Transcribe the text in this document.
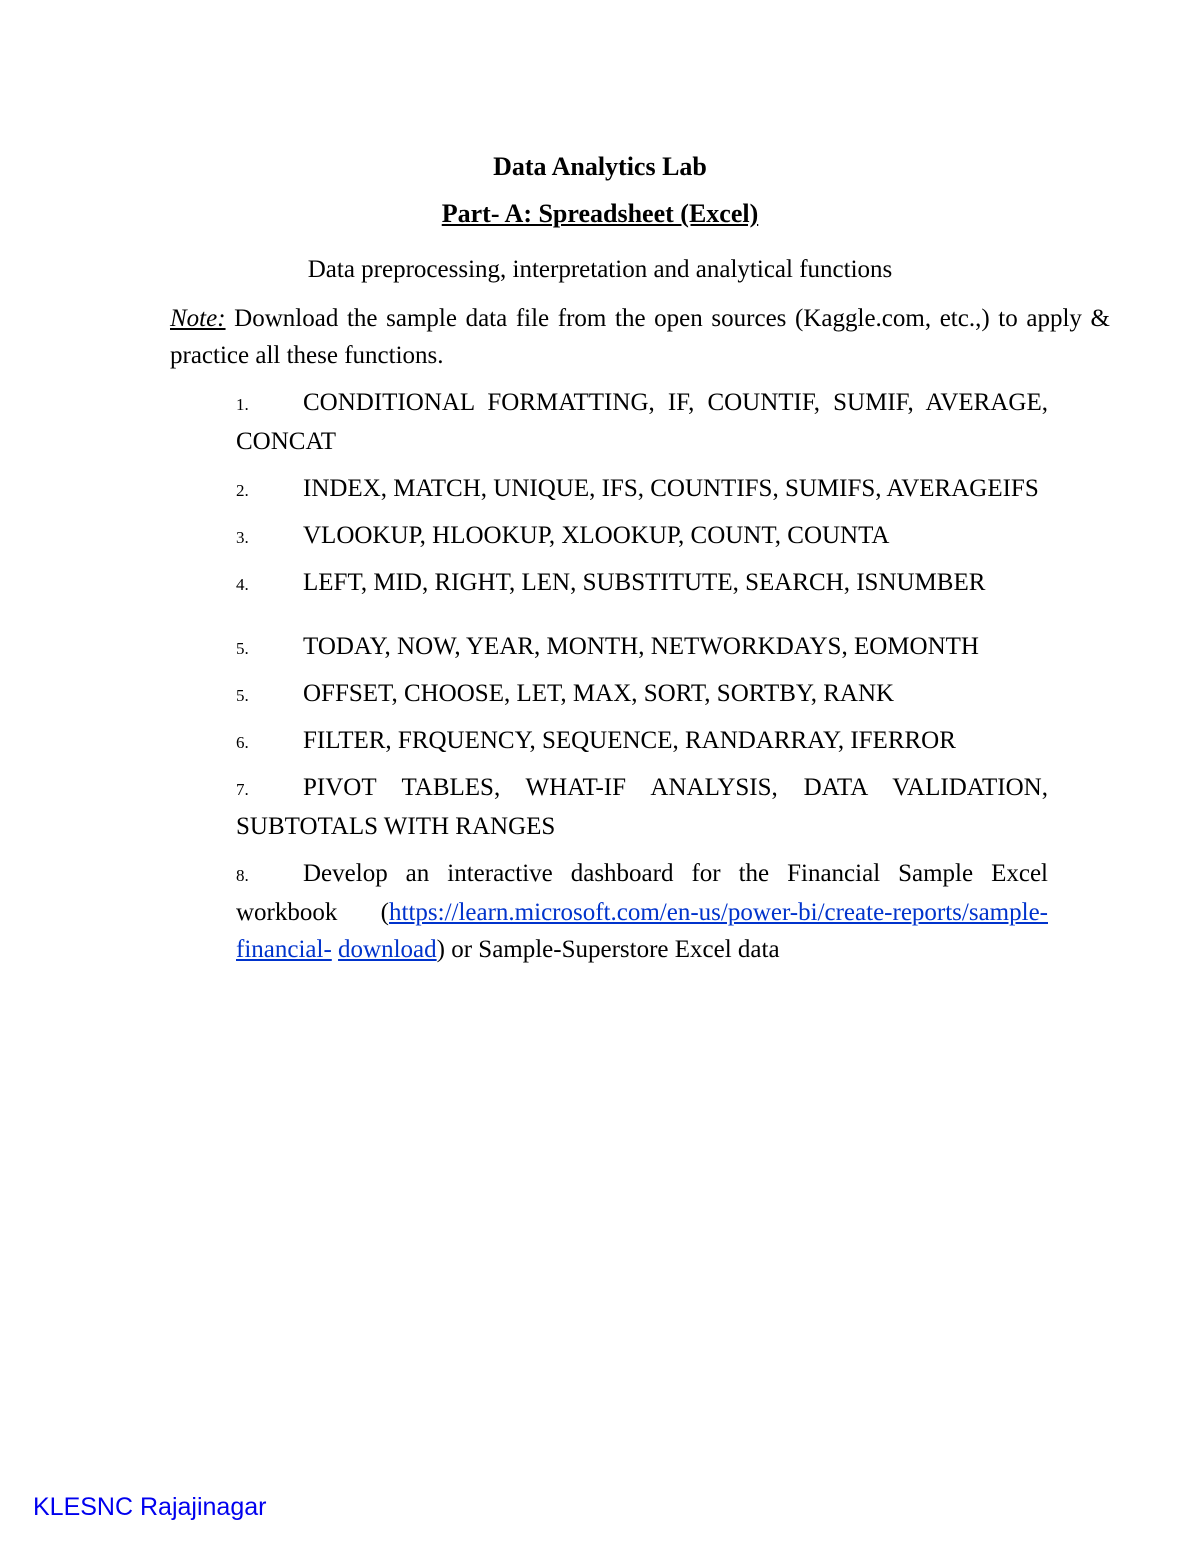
Data Analytics Lab
Part- A: Spreadsheet (Excel)

Data preprocessing, interpretation and analytical functions

Note: Download the sample data file from the open sources (Kaggle.com, etc.,) to apply & practice all these functions.

1. CONDITIONAL FORMATTING, IF, COUNTIF, SUMIF, AVERAGE, CONCAT

2. INDEX, MATCH, UNIQUE, IFS, COUNTIFS, SUMIFS, AVERAGEIFS

3. VLOOKUP, HLOOKUP, XLOOKUP, COUNT, COUNTA

4. LEFT, MID, RIGHT, LEN, SUBSTITUTE, SEARCH, ISNUMBER

5. TODAY, NOW, YEAR, MONTH, NETWORKDAYS, EOMONTH

5. OFFSET, CHOOSE, LET, MAX, SORT, SORTBY, RANK

6. FILTER, FRQUENCY, SEQUENCE, RANDARRAY, IFERROR

7. PIVOT TABLES, WHAT-IF ANALYSIS, DATA VALIDATION, SUBTOTALS WITH RANGES

8. Develop an interactive dashboard for the Financial Sample Excel workbook (https://learn.microsoft.com/en-us/power-bi/create-reports/sample-financial- download) or Sample-Superstore Excel data

KLESNC Rajajinagar
